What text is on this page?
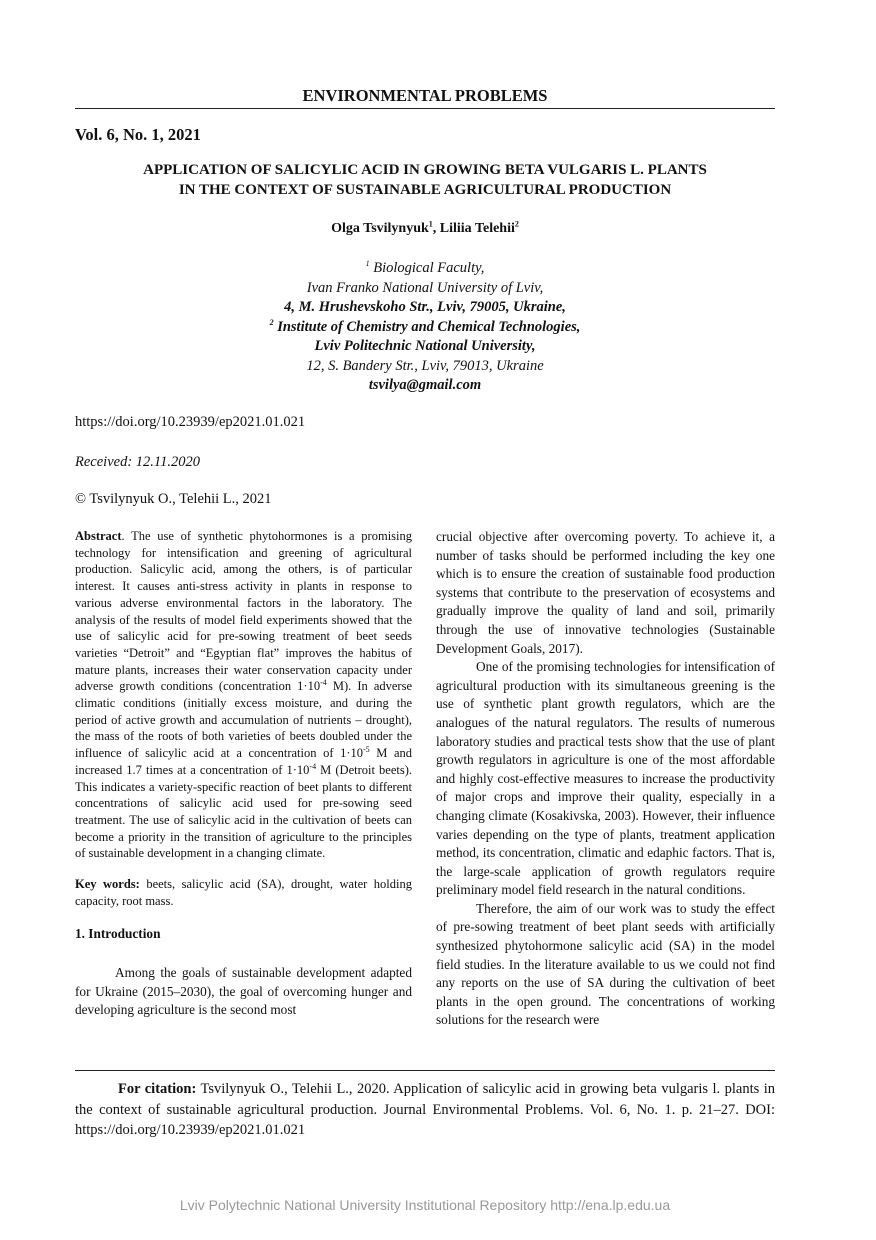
ENVIRONMENTAL PROBLEMS
Vol. 6, No. 1, 2021
APPLICATION OF SALICYLIC ACID IN GROWING BETA VULGARIS L. PLANTS
IN THE CONTEXT OF SUSTAINABLE AGRICULTURAL PRODUCTION
Olga Tsvilynyuk$^1$, Liliia Telehii$^2$
$^1$ Biological Faculty,
Ivan Franko National University of Lviv,
4, M. Hrushevskoho Str., Lviv, 79005, Ukraine,
$^2$ Institute of Chemistry and Chemical Technologies,
Lviv Politechnic National University,
12, S. Bandery Str., Lviv, 79013, Ukraine
tsvilya@gmail.com
https://doi.org/10.23939/ep2021.01.021
Received: 12.11.2020
© Tsvilynyuk O., Telehii L., 2021

Abstract. The use of synthetic phytohormones is a promising technology for intensification and greening of agricultural production. Salicylic acid, among the others, is of particular interest. It causes anti-stress activity in plants in response to various adverse environmental factors in the laboratory. The analysis of the results of model field experiments showed that the use of salicylic acid for pre-sowing treatment of beet seeds varieties “Detroit” and “Egyptian flat” improves the habitus of mature plants, increases their water conservation capacity under adverse growth conditions (concentration $1\cdot 10^{-4}$ M). In adverse climatic conditions (initially excess moisture, and during the period of active growth and accumulation of nutrients – drought), the mass of the roots of both varieties of beets doubled under the influence of salicylic acid at a concentration of $1\cdot 10^{-5}$ M and increased 1.7 times at a concentration of $1\cdot 10^{-4}$ M (Detroit beets). This indicates a variety-specific reaction of beet plants to different concentrations of salicylic acid used for pre-sowing seed treatment. The use of salicylic acid in the cultivation of beets can become a priority in the transition of agriculture to the principles of sustainable development in a changing climate.

Key words: beets, salicylic acid (SA), drought, water holding capacity, root mass.

1. Introduction

Among the goals of sustainable development adapted for Ukraine (2015–2030), the goal of overcoming hunger and developing agriculture is the second most

crucial objective after overcoming poverty. To achieve it, a number of tasks should be performed including the key one which is to ensure the creation of sustainable food production systems that contribute to the preservation of ecosystems and gradually improve the quality of land and soil, primarily through the use of innovative technologies (Sustainable Development Goals, 2017).

One of the promising technologies for intensification of agricultural production with its simultaneous greening is the use of synthetic plant growth regulators, which are the analogues of the natural regulators. The results of numerous laboratory studies and practical tests show that the use of plant growth regulators in agriculture is one of the most affordable and highly cost-effective measures to increase the productivity of major crops and improve their quality, especially in a changing climate (Kosakivska, 2003). However, their influence varies depending on the type of plants, treatment application method, its concentration, climatic and edaphic factors. That is, the large-scale application of growth regulators require preliminary model field research in the natural conditions.

Therefore, the aim of our work was to study the effect of pre-sowing treatment of beet plant seeds with artificially synthesized phytohormone salicylic acid (SA) in the model field studies. In the literature available to us we could not find any reports on the use of SA during the cultivation of beet plants in the open ground. The concentrations of working solutions for the research were

For citation: Tsvilynyuk O., Telehii L., 2020. Application of salicylic acid in growing beta vulgaris l. plants in the context of sustainable agricultural production. Journal Environmental Problems. Vol. 6, No. 1. p. 21–27. DOI: https://doi.org/10.23939/ep2021.01.021
Lviv Polytechnic National University Institutional Repository http://ena.lp.edu.ua
